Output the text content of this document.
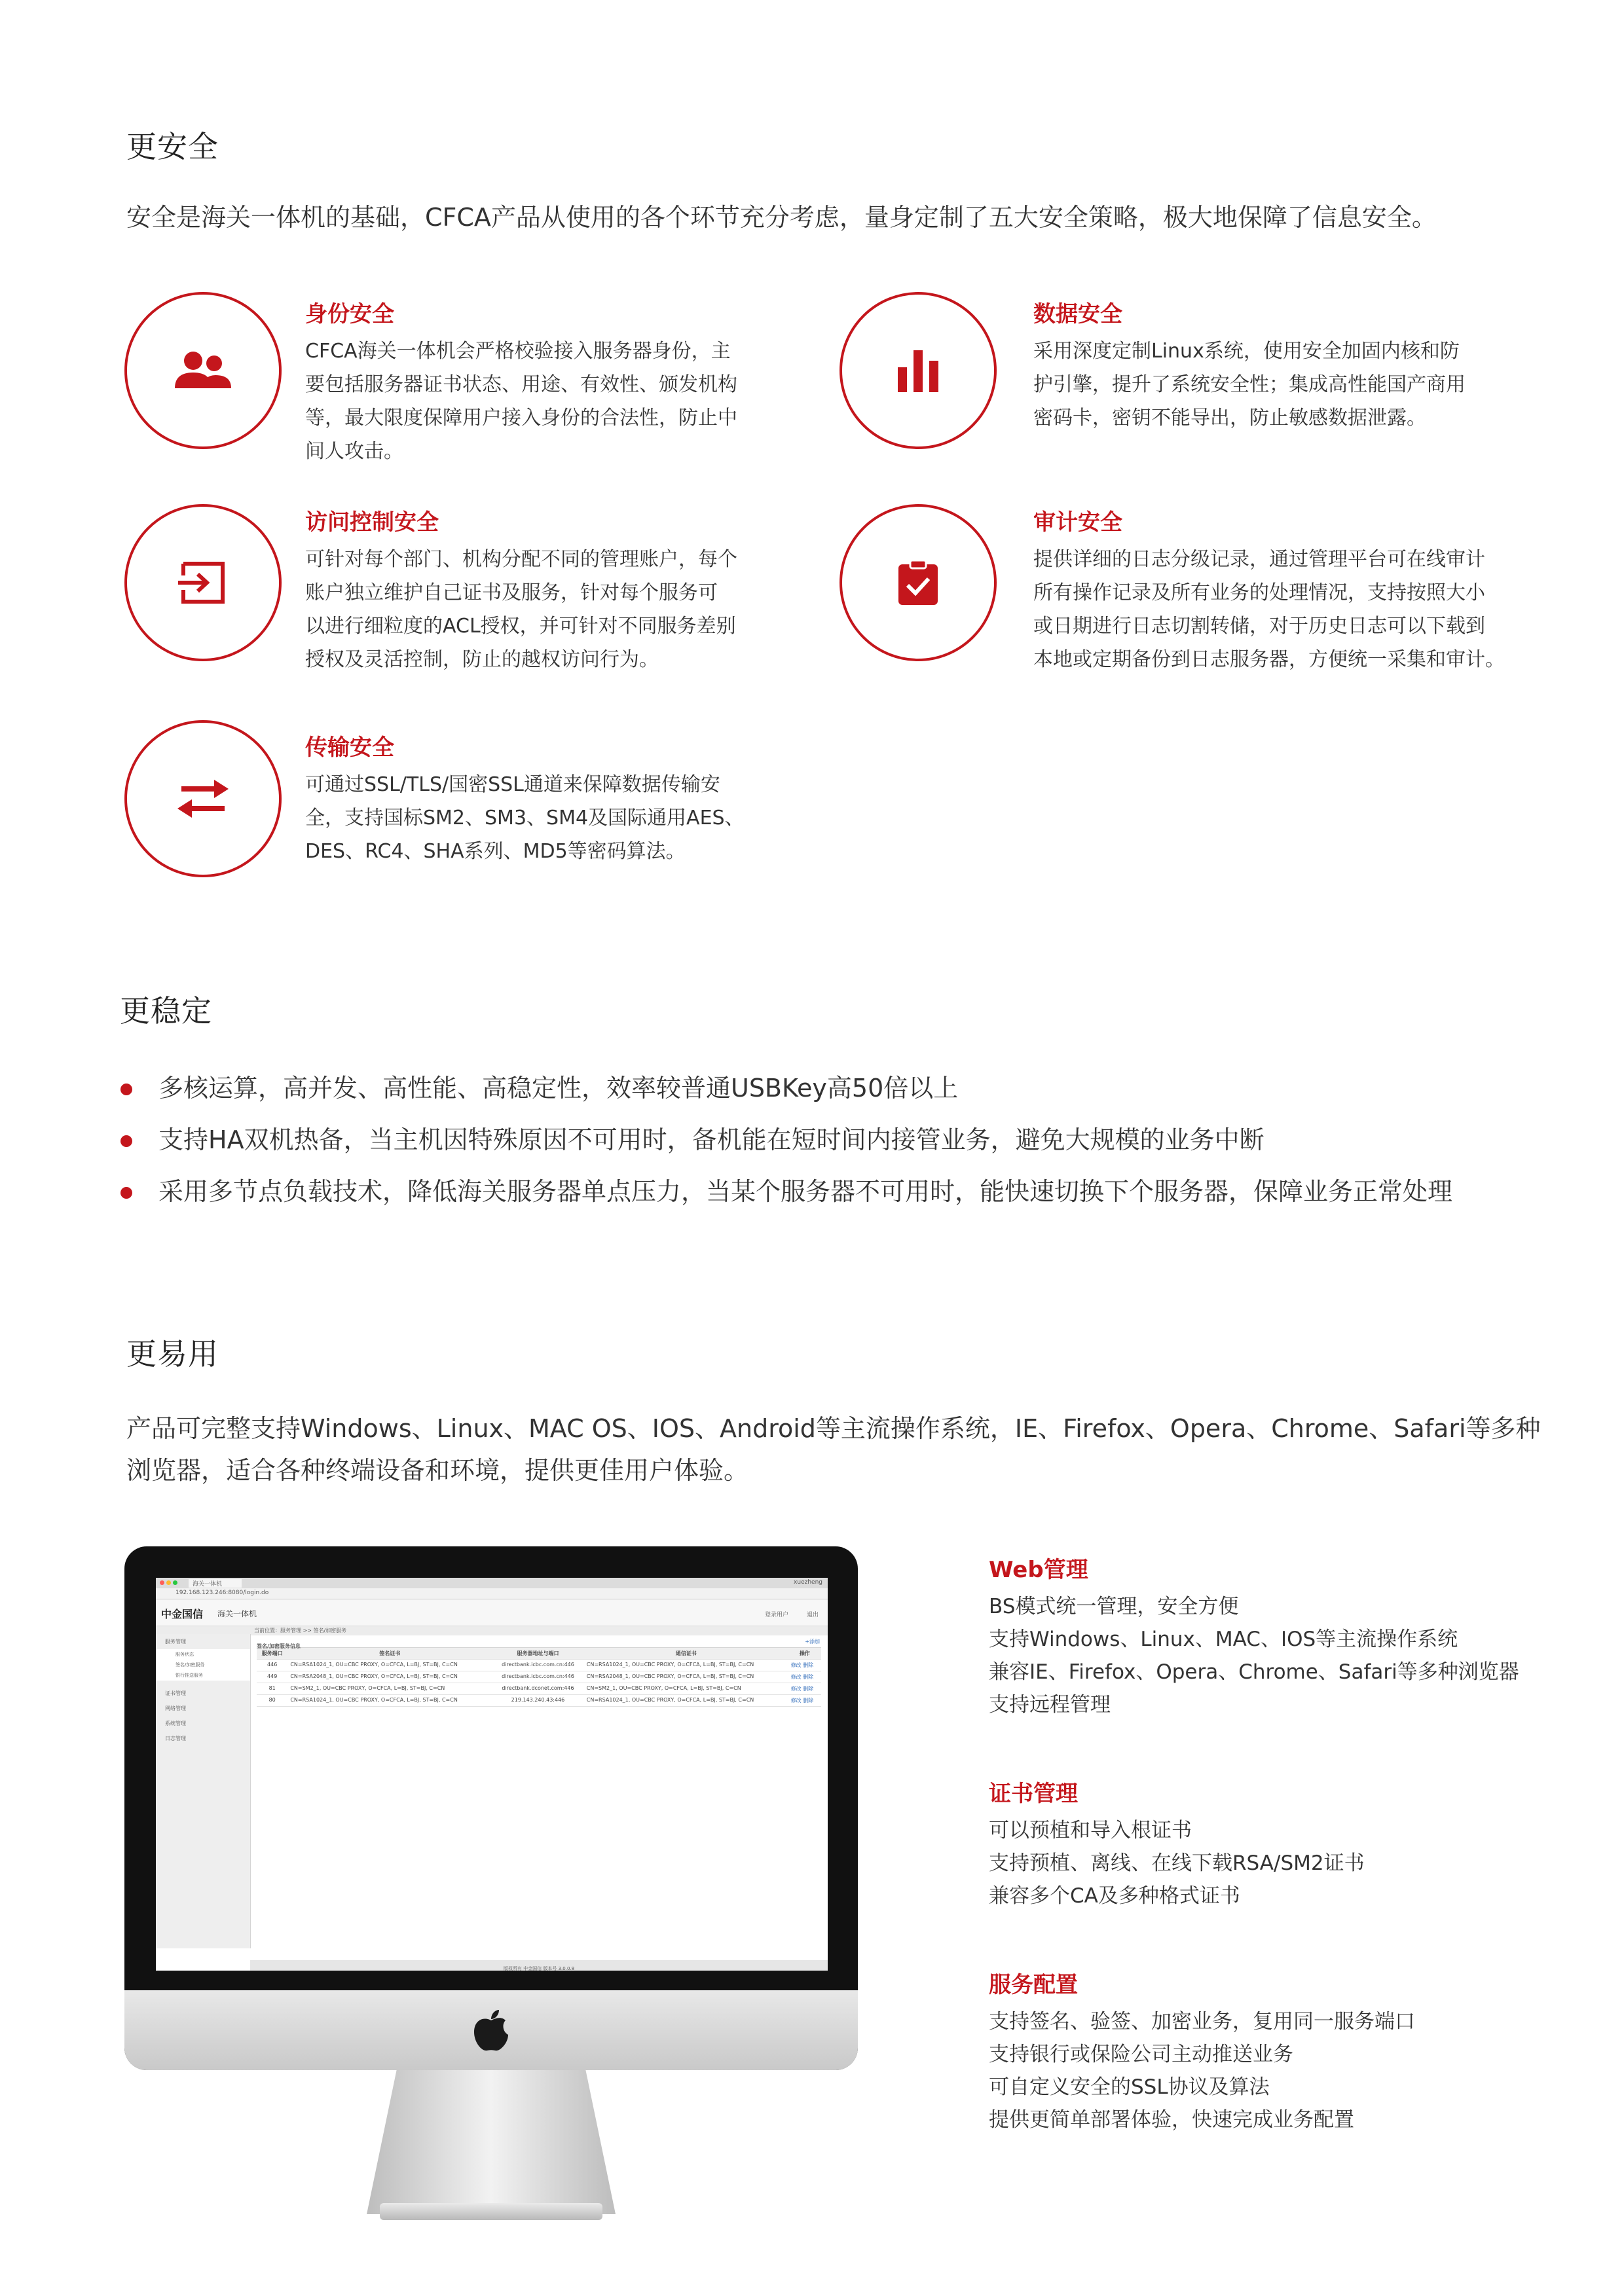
更安全
安全是海关一体机的基础，CFCA产品从使用的各个环节充分考虑，量身定制了五大安全策略，极大地保障了信息安全。
身份安全
CFCA海关一体机会严格校验接入服务器身份，主
要包括服务器证书状态、用途、有效性、颁发机构
等，最大限度保障用户接入身份的合法性，防止中
间人攻击。
数据安全
采用深度定制Linux系统，使用安全加固内核和防
护引擎，提升了系统安全性；集成高性能国产商用
密码卡，密钥不能导出，防止敏感数据泄露。
访问控制安全
可针对每个部门、机构分配不同的管理账户，每个
账户独立维护自己证书及服务，针对每个服务可
以进行细粒度的ACL授权，并可针对不同服务差别
授权及灵活控制，防止的越权访问行为。
审计安全
提供详细的日志分级记录，通过管理平台可在线审计
所有操作记录及所有业务的处理情况，支持按照大小
或日期进行日志切割转储，对于历史日志可以下载到
本地或定期备份到日志服务器，方便统一采集和审计。
传输安全
可通过SSL/TLS/国密SSL通道来保障数据传输安
全，支持国标SM2、SM3、SM4及国际通用AES、
DES、RC4、SHA系列、MD5等密码算法。
更稳定
多核运算，高并发、高性能、高稳定性，效率较普通USBKey高50倍以上
支持HA双机热备，当主机因特殊原因不可用时，备机能在短时间内接管业务，避免大规模的业务中断
采用多节点负载技术，降低海关服务器单点压力，当某个服务器不可用时，能快速切换下个服务器，保障业务正常处理
更易用
产品可完整支持Windows、Linux、MAC OS、IOS、Android等主流操作系统，IE、Firefox、Opera、Chrome、Safari等多种
浏览器，适合各种终端设备和环境，提供更佳用户体验。
海关一体机	xuezheng
192.168.123.246:8080/login.do
中金国信 海关一体机	登录用户	退出
当前位置：服务管理 >> 签名/加密服务
服务管理
服务状态
签名/加密服务
银行推送服务
证书管理
网络管理
系统管理
日志管理
签名/加密服务信息
+添加
服务端口	签名证书	服务器地址与端口	通信证书	操作
446	CN=RSA1024_1, OU=CBC PROXY, O=CFCA, L=BJ, ST=BJ, C=CN	directbank.icbc.com.cn:446	CN=RSA1024_1, OU=CBC PROXY, O=CFCA, L=BJ, ST=BJ, C=CN	修改 删除
449	CN=RSA2048_1, OU=CBC PROXY, O=CFCA, L=BJ, ST=BJ, C=CN	directbank.icbc.com.cn:446	CN=RSA2048_1, OU=CBC PROXY, O=CFCA, L=BJ, ST=BJ, C=CN	修改 删除
81	CN=SM2_1, OU=CBC PROXY, O=CFCA, L=BJ, ST=BJ, C=CN	directbank.dconet.com:446	CN=SM2_1, OU=CBC PROXY, O=CFCA, L=BJ, ST=BJ, C=CN	修改 删除
80	CN=RSA1024_1, OU=CBC PROXY, O=CFCA, L=BJ, ST=BJ, C=CN	219.143.240.43:446	CN=RSA1024_1, OU=CBC PROXY, O=CFCA, L=BJ, ST=BJ, C=CN	修改 删除
版权所有 中金国信 版本号 3.0.0.8
Web管理
BS模式统一管理，安全方便
支持Windows、Linux、MAC、IOS等主流操作系统
兼容IE、Firefox、Opera、Chrome、Safari等多种浏览器
支持远程管理
证书管理
可以预植和导入根证书
支持预植、离线、在线下载RSA/SM2证书
兼容多个CA及多种格式证书
服务配置
支持签名、验签、加密业务，复用同一服务端口
支持银行或保险公司主动推送业务
可自定义安全的SSL协议及算法
提供更简单部署体验，快速完成业务配置
